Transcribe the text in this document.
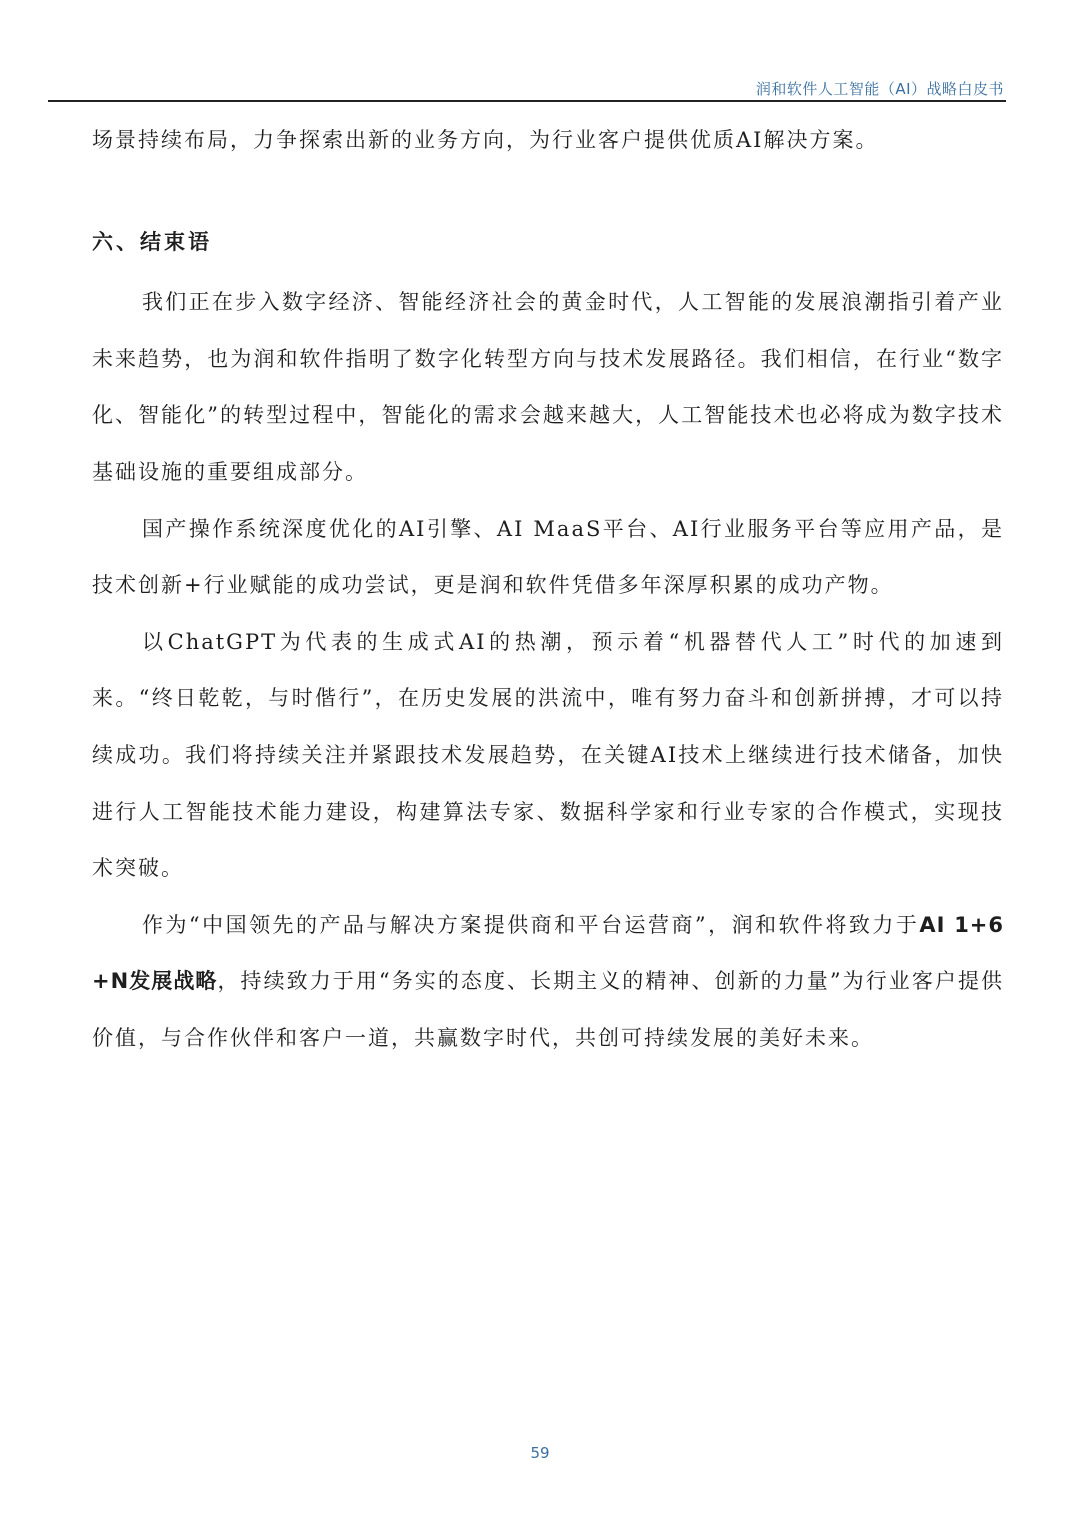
润和软件人工智能（AI）战略白皮书

场景持续布局，力争探索出新的业务方向，为行业客户提供优质AI解决方案。

六、结束语

我们正在步入数字经济、智能经济社会的黄金时代，人工智能的发展浪潮指引着产业未来趋势，也为润和软件指明了数字化转型方向与技术发展路径。我们相信，在行业“数字化、智能化”的转型过程中，智能化的需求会越来越大，人工智能技术也必将成为数字技术基础设施的重要组成部分。

国产操作系统深度优化的AI引擎、AI MaaS平台、AI行业服务平台等应用产品，是技术创新+行业赋能的成功尝试，更是润和软件凭借多年深厚积累的成功产物。

以ChatGPT为代表的生成式AI的热潮，预示着“机器替代人工”时代的加速到来。“终日乾乾，与时偕行”，在历史发展的洪流中，唯有努力奋斗和创新拼搏，才可以持续成功。我们将持续关注并紧跟技术发展趋势，在关键AI技术上继续进行技术储备，加快进行人工智能技术能力建设，构建算法专家、数据科学家和行业专家的合作模式，实现技术突破。

作为“中国领先的产品与解决方案提供商和平台运营商”，润和软件将致力于AI 1+6+N发展战略，持续致力于用“务实的态度、长期主义的精神、创新的力量”为行业客户提供价值，与合作伙伴和客户一道，共赢数字时代，共创可持续发展的美好未来。

59
